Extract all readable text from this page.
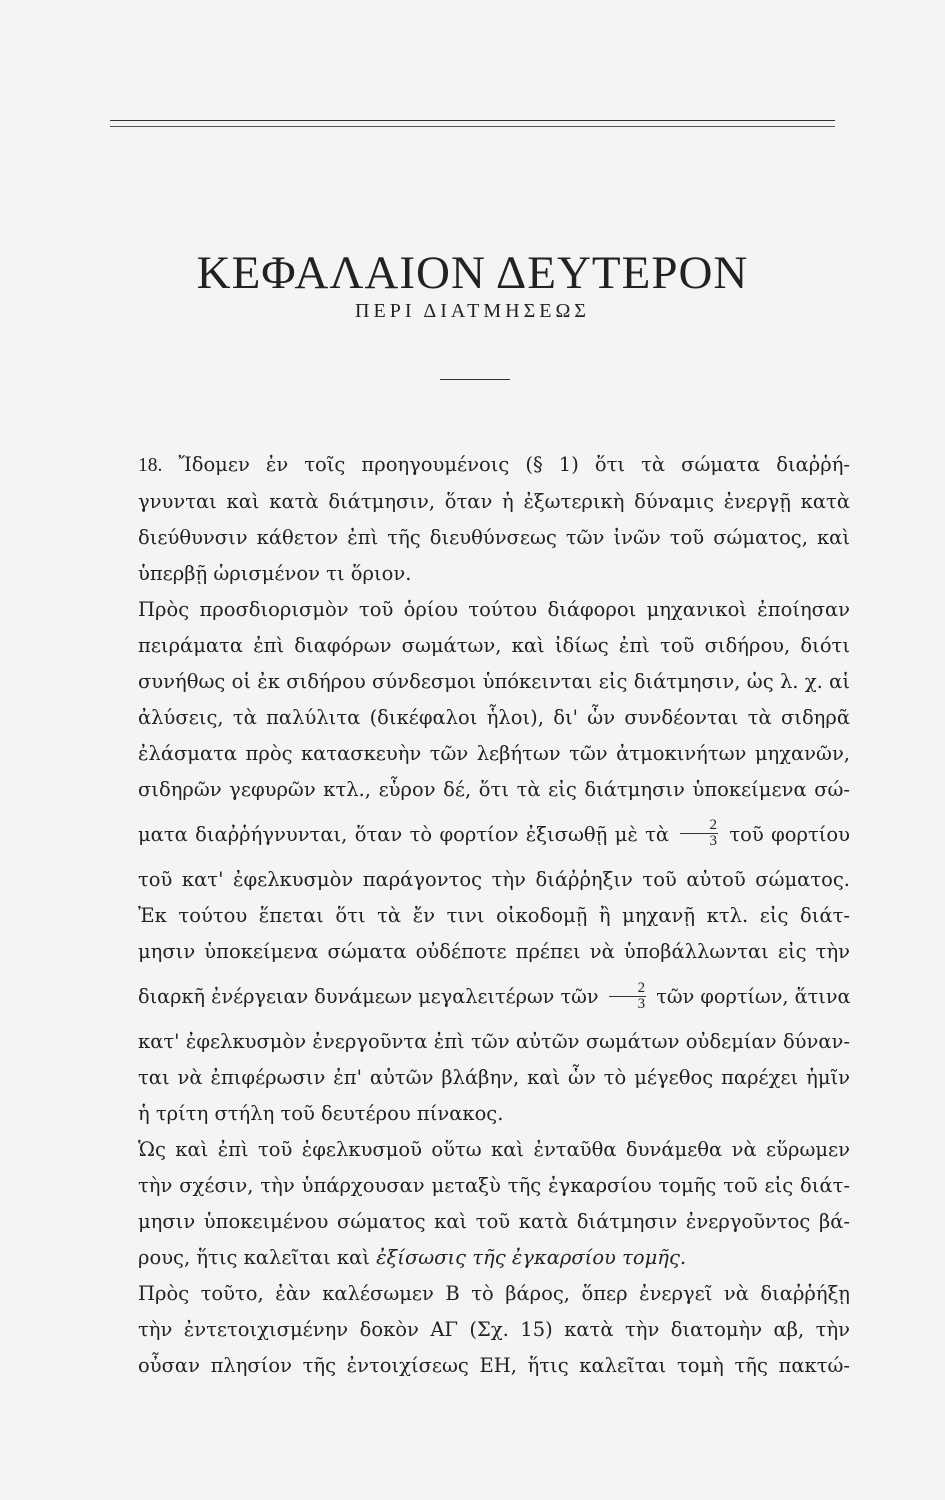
ΚΕΦΑΛΑΙΟΝ ΔΕΥΤΕΡΟΝ
ΠΕΡΙ ΔΙΑΤΜΗΣΕΩΣ
18. Ἴδομεν ἐν τοῖς προηγουμένοις (§ 1) ὅτι τὰ σώματα διαῤῥή-
γνυνται καὶ κατὰ διάτμησιν, ὅταν ἡ ἐξωτερικὴ δύναμις ἐνεργῇ κατὰ
διεύθυνσιν κάθετον ἐπὶ τῆς διευθύνσεως τῶν ἰνῶν τοῦ σώματος, καὶ
ὑπερβῇ ὡρισμένον τι ὅριον.
Πρὸς προσδιορισμὸν τοῦ ὁρίου τούτου διάφοροι μηχανικοὶ ἐποίησαν
πειράματα ἐπὶ διαφόρων σωμάτων, καὶ ἰδίως ἐπὶ τοῦ σιδήρου, διότι
συνήθως οἱ ἐκ σιδήρου σύνδεσμοι ὑπόκεινται εἰς διάτμησιν, ὡς λ. χ. αἱ
ἀλύσεις, τὰ παλύλιτα (δικέφαλοι ἧλοι), δι' ὧν συνδέονται τὰ σιδηρᾶ
ἐλάσματα πρὸς κατασκευὴν τῶν λεβήτων τῶν ἀτμοκινήτων μηχανῶν,
σιδηρῶν γεφυρῶν κτλ., εὗρον δέ, ὅτι τὰ εἰς διάτμησιν ὑποκείμενα σώ-
ματα διαῤῥήγνυνται, ὅταν τὸ φορτίον ἐξισωθῇ μὲ τὰ $\frac{2}{3}$ τοῦ φορτίου
τοῦ κατ' ἐφελκυσμὸν παράγοντος τὴν διάῤῥηξιν τοῦ αὐτοῦ σώματος.
Ἐκ τούτου ἕπεται ὅτι τὰ ἔν τινι οἰκοδομῇ ἢ μηχανῇ κτλ. εἰς διάτ-
μησιν ὑποκείμενα σώματα οὐδέποτε πρέπει νὰ ὑποβάλλωνται εἰς τὴν
διαρκῆ ἐνέργειαν δυνάμεων μεγαλειτέρων τῶν $\frac{2}{3}$ τῶν φορτίων, ἅτινα
κατ' ἐφελκυσμὸν ἐνεργοῦντα ἐπὶ τῶν αὐτῶν σωμάτων οὐδεμίαν δύναν-
ται νὰ ἐπιφέρωσιν ἐπ' αὐτῶν βλάβην, καὶ ὧν τὸ μέγεθος παρέχει ἡμῖν
ἡ τρίτη στήλη τοῦ δευτέρου πίνακος.
Ὡς καὶ ἐπὶ τοῦ ἐφελκυσμοῦ οὕτω καὶ ἐνταῦθα δυνάμεθα νὰ εὕρωμεν
τὴν σχέσιν, τὴν ὑπάρχουσαν μεταξὺ τῆς ἐγκαρσίου τομῆς τοῦ εἰς διάτ-
μησιν ὑποκειμένου σώματος καὶ τοῦ κατὰ διάτμησιν ἐνεργοῦντος βά-
ρους, ἥτις καλεῖται καὶ ἐξίσωσις τῆς ἐγκαρσίου τομῆς.
Πρὸς τοῦτο, ἐὰν καλέσωμεν Β τὸ βάρος, ὅπερ ἐνεργεῖ νὰ διαῤῥήξῃ
τὴν ἐντετοιχισμένην δοκὸν ΑΓ (Σχ. 15) κατὰ τὴν διατομὴν αβ, τὴν
οὖσαν πλησίον τῆς ἐντοιχίσεως ΕΗ, ἥτις καλεῖται τομὴ τῆς πακτώ-
